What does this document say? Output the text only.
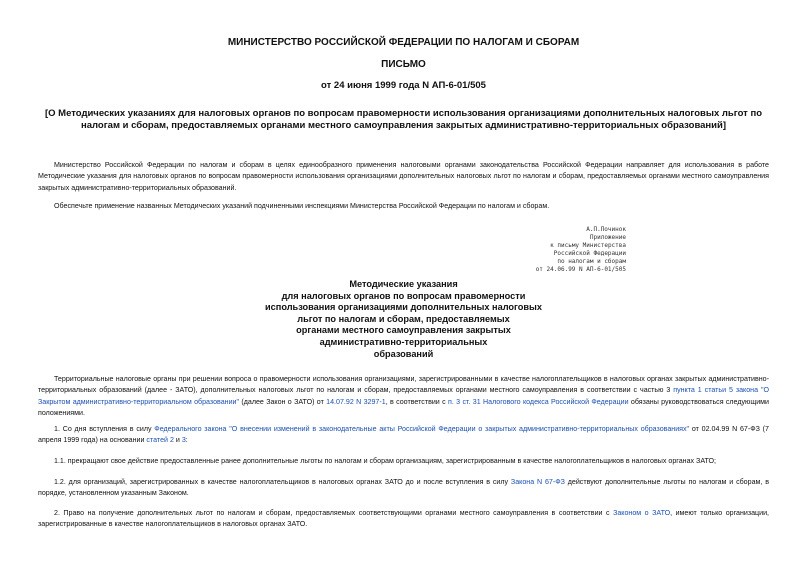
МИНИСТЕРСТВО РОССИЙСКОЙ ФЕДЕРАЦИИ ПО НАЛОГАМ И СБОРАМ
ПИСЬМО
от 24 июня 1999 года N АП-6-01/505
[О Методических указаниях для налоговых органов по вопросам правомерности использования организациями дополнительных налоговых льгот по налогам и сборам, предоставляемых органами местного самоуправления закрытых административно-территориальных образований]
Министерство Российской Федерации по налогам и сборам в целях единообразного применения налоговыми органами законодательства Российской Федерации направляет для использования в работе Методические указания для налоговых органов по вопросам правомерности использования организациями дополнительных налоговых льгот по налогам и сборам, предоставляемых органами местного самоуправления закрытых административно-территориальных образований.
Обеспечьте применение названных Методических указаний подчиненными инспекциями Министерства Российской Федерации по налогам и сборам.
А.П.Починок
Приложение
к письму Министерства
Российской Федерации
по налогам и сборам
от 24.06.99 N АП-6-01/505
Методические указания
для налоговых органов по вопросам правомерности
использования организациями дополнительных налоговых
льгот по налогам и сборам, предоставляемых
органами местного самоуправления закрытых
административно-территориальных
образований
Территориальные налоговые органы при решении вопроса о правомерности использования организациями, зарегистрированными в качестве налогоплательщиков в налоговых органах закрытых административно-территориальных образований (далее - ЗАТО), дополнительных налоговых льгот по налогам и сборам, предоставляемых органами местного самоуправления в соответствии с частью 3 пункта 1 статьи 5 закона "О Закрытом административно-территориальном образовании" (далее Закон о ЗАТО) от 14.07.92 N 3297-1, в соответствии с п. 3 ст. 31 Налогового кодекса Российской Федерации обязаны руководствоваться следующими положениями.
1. Со дня вступления в силу Федерального закона "О внесении изменений в законодательные акты Российской Федерации о закрытых административно-территориальных образованиях" от 02.04.99 N 67-ФЗ (7 апреля 1999 года) на основании статей 2 и 3:
1.1. прекращают свое действие предоставленные ранее дополнительные льготы по налогам и сборам организациям, зарегистрированным в качестве налогоплательщиков в налоговых органах ЗАТО;
1.2. для организаций, зарегистрированных в качестве налогоплательщиков в налоговых органах ЗАТО до и после вступления в силу Закона N 67-ФЗ действуют дополнительные льготы по налогам и сборам, в порядке, установленном указанным Законом.
2. Право на получение дополнительных льгот по налогам и сборам, предоставляемых соответствующими органами местного самоуправления в соответствии с Законом о ЗАТО, имеют только организации, зарегистрированные в качестве налогоплательщиков в налоговых органах ЗАТО.
